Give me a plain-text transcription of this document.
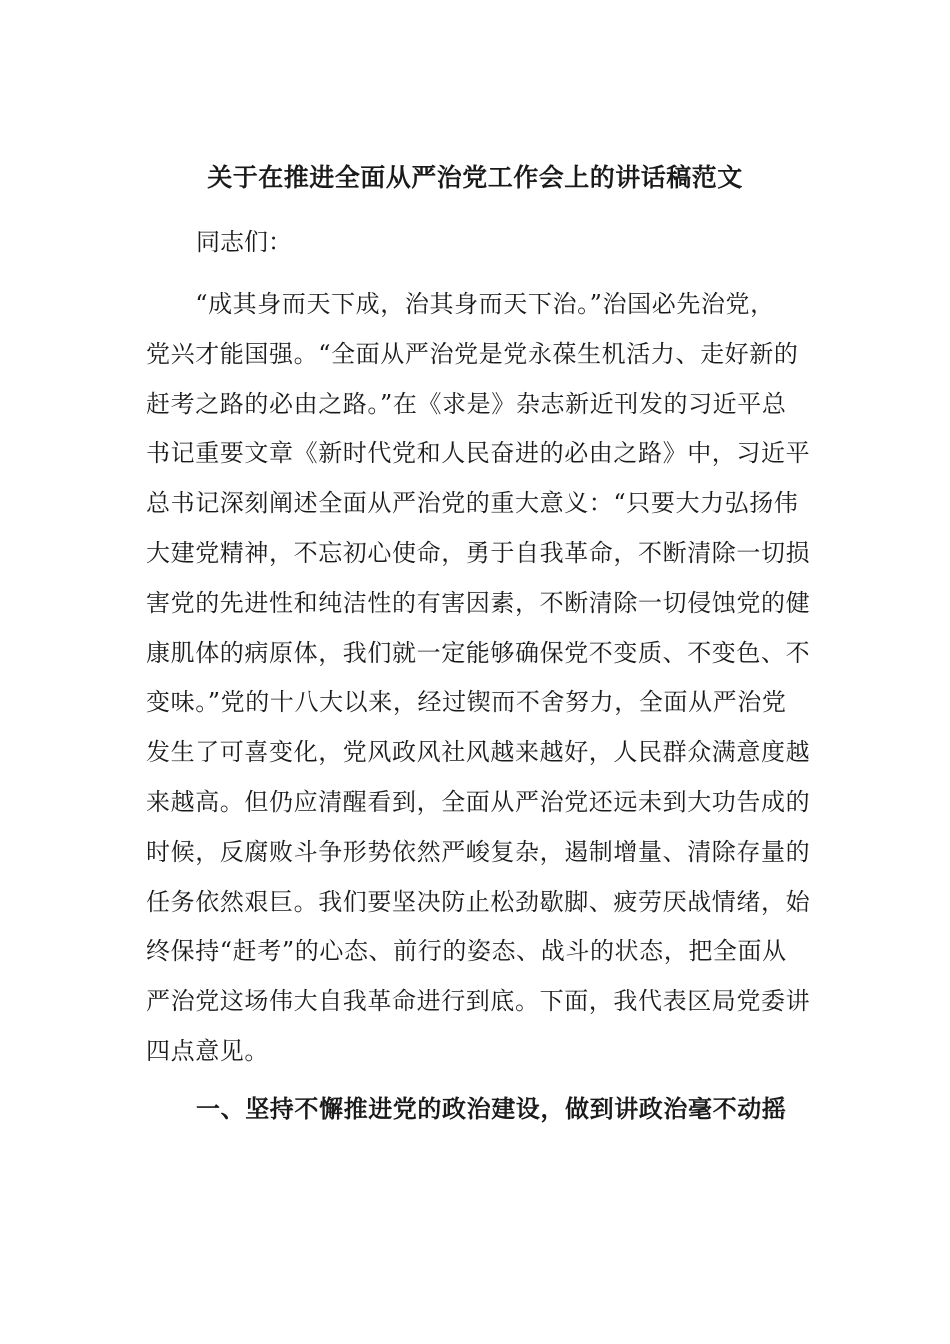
关于在推进全面从严治党工作会上的讲话稿范文

同志们：

　　“成其身而天下成，治其身而天下治。”治国必先治党，
党兴才能国强。“全面从严治党是党永葆生机活力、走好新的
赶考之路的必由之路。”在《求是》杂志新近刊发的习近平总
书记重要文章《新时代党和人民奋进的必由之路》中，习近平
总书记深刻阐述全面从严治党的重大意义：“只要大力弘扬伟
大建党精神，不忘初心使命，勇于自我革命，不断清除一切损
害党的先进性和纯洁性的有害因素，不断清除一切侵蚀党的健
康肌体的病原体，我们就一定能够确保党不变质、不变色、不
变味。”党的十八大以来，经过锲而不舍努力，全面从严治党
发生了可喜变化，党风政风社风越来越好，人民群众满意度越
来越高。但仍应清醒看到，全面从严治党还远未到大功告成的
时候，反腐败斗争形势依然严峻复杂，遏制增量、清除存量的
任务依然艰巨。我们要坚决防止松劲歇脚、疲劳厌战情绪，始
终保持“赶考”的心态、前行的姿态、战斗的状态，把全面从
严治党这场伟大自我革命进行到底。下面，我代表区局党委讲
四点意见。
一、坚持不懈推进党的政治建设，做到讲政治毫不动摇
